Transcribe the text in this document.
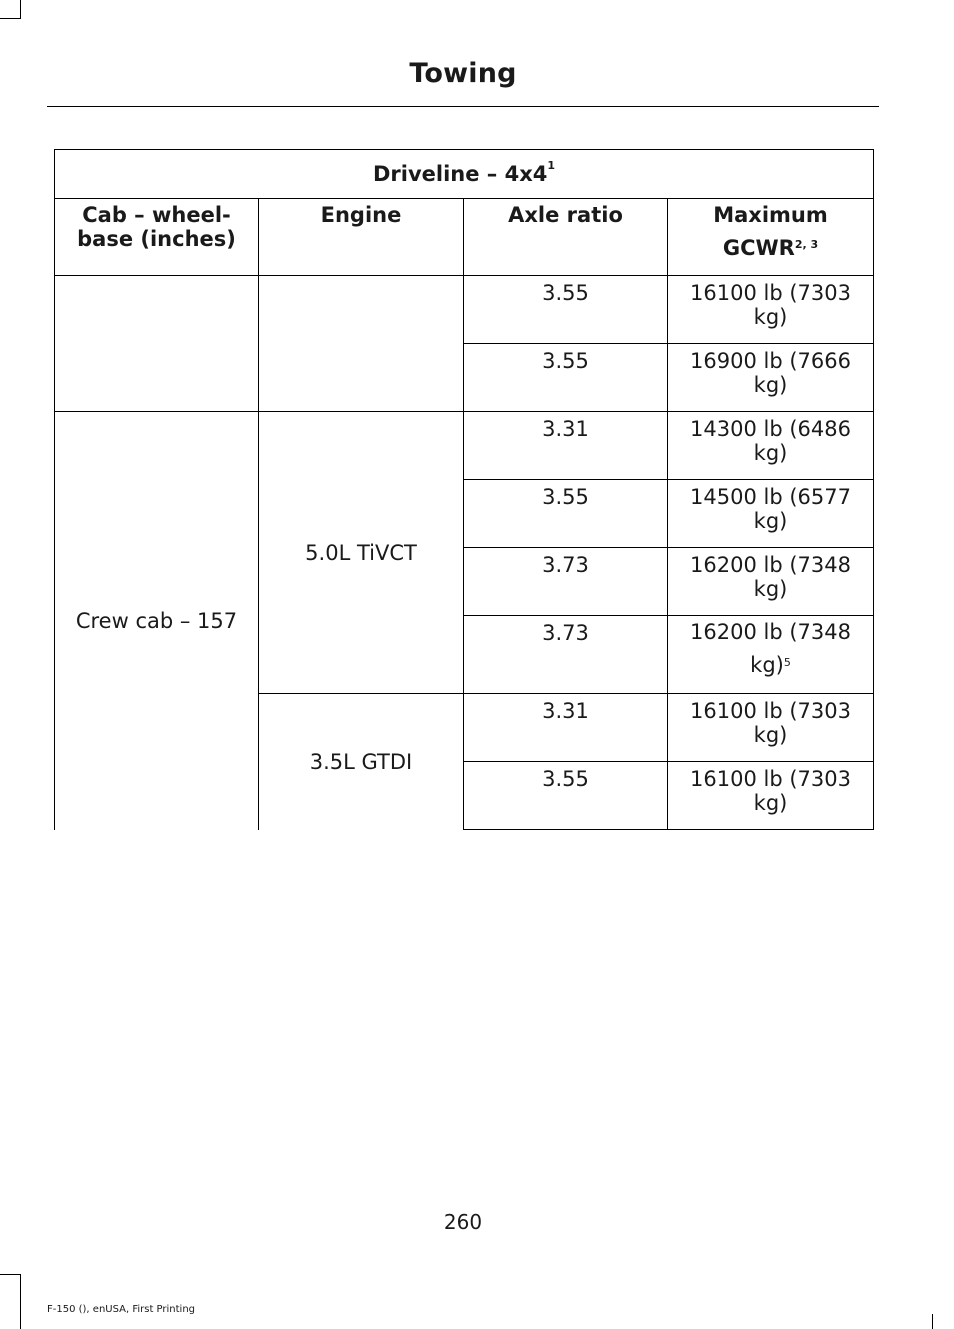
Towing
Driveline – $4x4^1$
Cab – wheel-base (inches)	Engine	Axle ratio	Maximum
GCWR$^{2, 3}$

		3.55	16100 lb (7303 kg)
		3.55	16900 lb (7666 kg)
Crew cab – 157	5.0L TiVCT	3.31	14300 lb (6486 kg)
		3.55	14500 lb (6577 kg)
		3.73	16200 lb (7348 kg)
		3.73	16200 lb (7348 kg)$^5$
	3.5L GTDI	3.31	16100 lb (7303 kg)
		3.55	16100 lb (7303 kg)
260
F-150 (), enUSA, First Printing
